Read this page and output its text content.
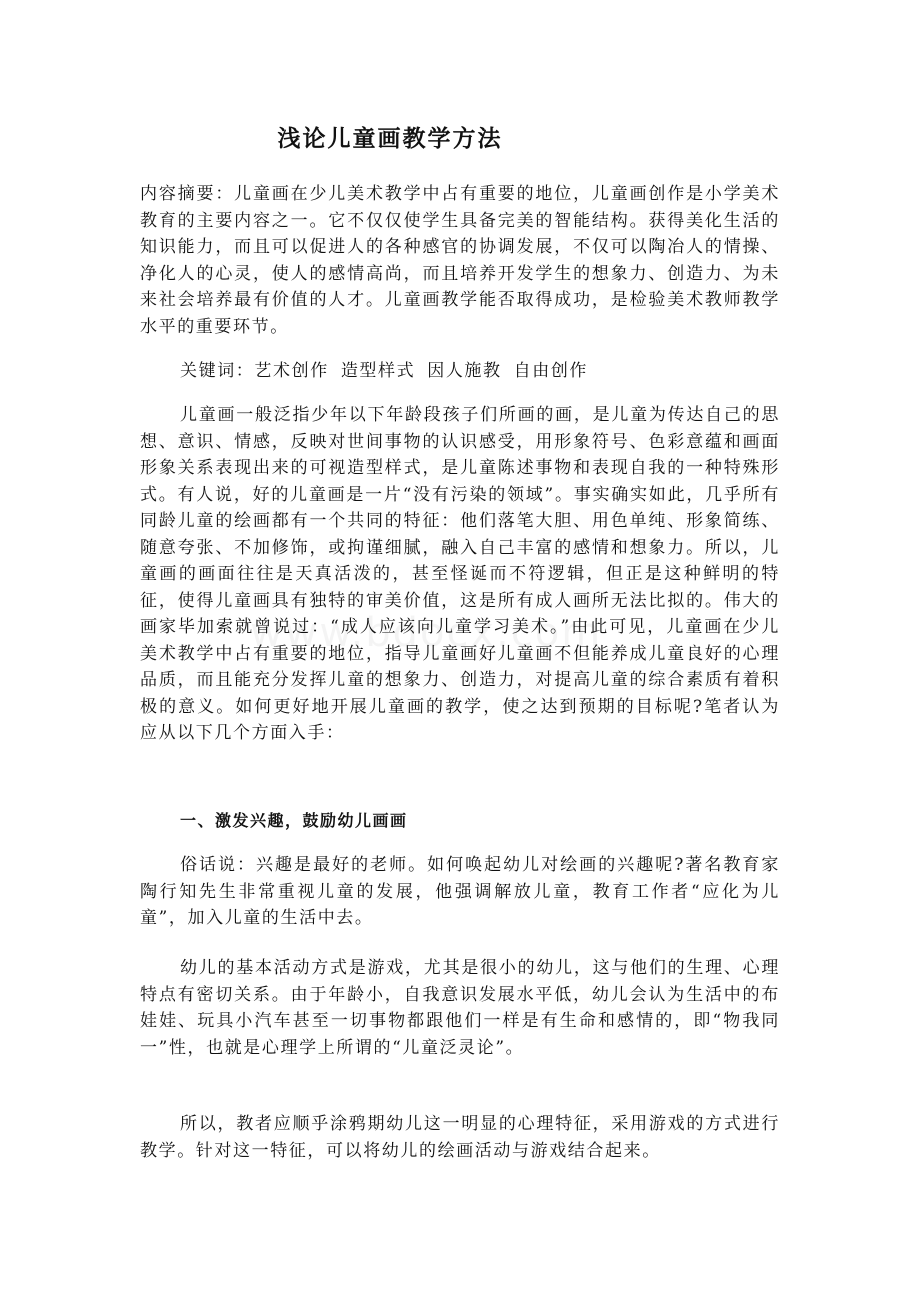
浅论儿童画教学方法

内容摘要：儿童画在少儿美术教学中占有重要的地位，儿童画创作是小学美术教育的主要内容之一。它不仅仅使学生具备完美的智能结构。获得美化生活的知识能力，而且可以促进人的各种感官的协调发展，不仅可以陶冶人的情操、净化人的心灵，使人的感情高尚，而且培养开发学生的想象力、创造力、为未来社会培养最有价值的人才。儿童画教学能否取得成功，是检验美术教师教学水平的重要环节。

关键词：艺术创作 造型样式 因人施教 自由创作

儿童画一般泛指少年以下年龄段孩子们所画的画，是儿童为传达自己的思想、意识、情感，反映对世间事物的认识感受，用形象符号、色彩意蕴和画面形象关系表现出来的可视造型样式，是儿童陈述事物和表现自我的一种特殊形式。有人说，好的儿童画是一片“没有污染的领域”。事实确实如此，几乎所有同龄儿童的绘画都有一个共同的特征：他们落笔大胆、用色单纯、形象简练、随意夸张、不加修饰，或拘谨细腻，融入自己丰富的感情和想象力。所以，儿童画的画面往往是天真活泼的，甚至怪诞而不符逻辑，但正是这种鲜明的特征，使得儿童画具有独特的审美价值，这是所有成人画所无法比拟的。伟大的画家毕加索就曾说过：“成人应该向儿童学习美术。”由此可见，儿童画在少儿美术教学中占有重要的地位，指导儿童画好儿童画不但能养成儿童良好的心理品质，而且能充分发挥儿童的想象力、创造力，对提高儿童的综合素质有着积极的意义。如何更好地开展儿童画的教学，使之达到预期的目标呢?笔者认为应从以下几个方面入手：

一、激发兴趣，鼓励幼儿画画

俗话说：兴趣是最好的老师。如何唤起幼儿对绘画的兴趣呢?著名教育家陶行知先生非常重视儿童的发展，他强调解放儿童，教育工作者“应化为儿童”，加入儿童的生活中去。

幼儿的基本活动方式是游戏，尤其是很小的幼儿，这与他们的生理、心理特点有密切关系。由于年龄小，自我意识发展水平低，幼儿会认为生活中的布娃娃、玩具小汽车甚至一切事物都跟他们一样是有生命和感情的，即“物我同一”性，也就是心理学上所谓的“儿童泛灵论”。

所以，教者应顺乎涂鸦期幼儿这一明显的心理特征，采用游戏的方式进行教学。针对这一特征，可以将幼儿的绘画活动与游戏结合起来。
